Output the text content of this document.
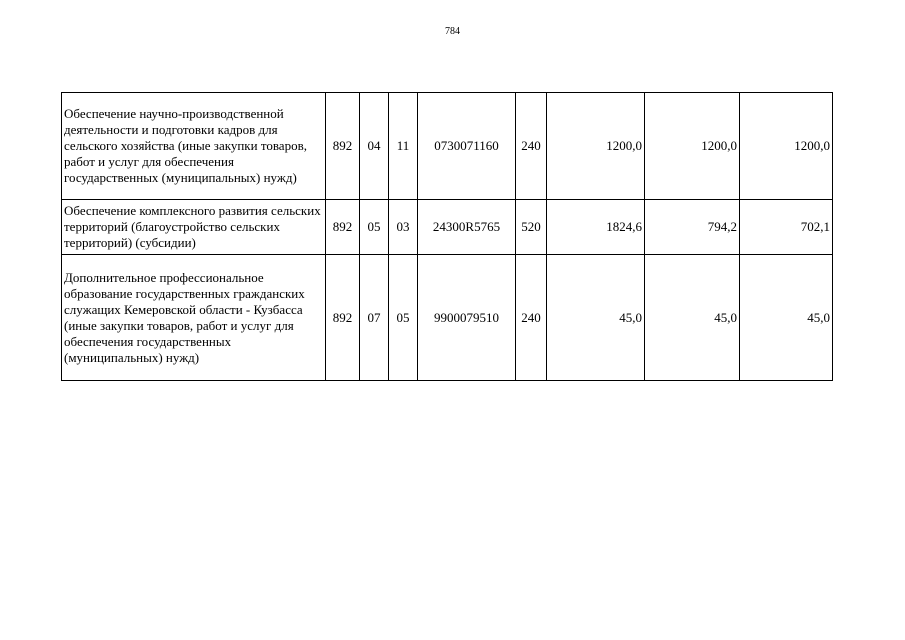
784
Обеспечение научно-производственной деятельности и подготовки кадров для сельского хозяйства (иные закупки товаров, работ и услуг для обеспечения государственных (муниципальных) нужд)	892	04	11	0730071160	240	1200,0	1200,0	1200,0
Обеспечение комплексного развития сельских территорий (благоустройство сельских территорий) (субсидии)	892	05	03	24300R5765	520	1824,6	794,2	702,1
Дополнительное профессиональное образование государственных гражданских служащих Кемеровской области - Кузбасса (иные закупки товаров, работ и услуг для обеспечения государственных (муниципальных) нужд)	892	07	05	9900079510	240	45,0	45,0	45,0
